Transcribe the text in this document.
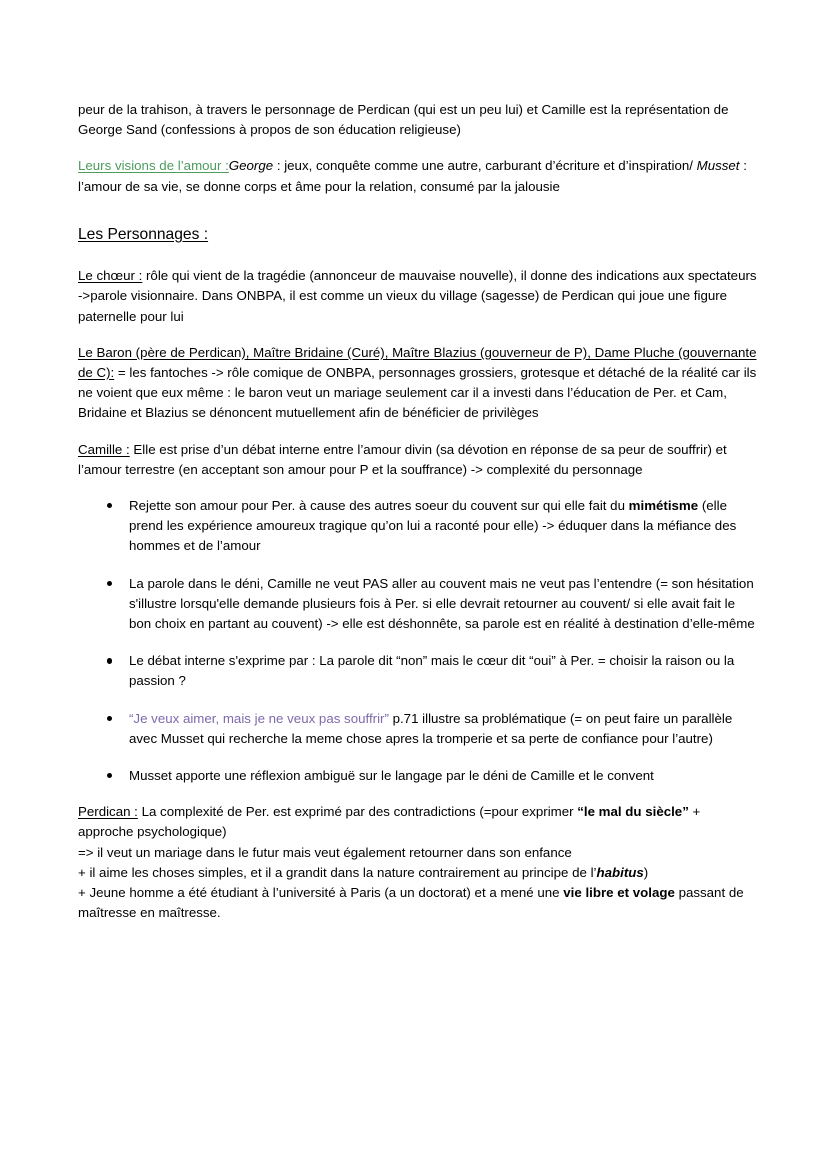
peur de la trahison, à travers le personnage de Perdican (qui est un peu lui) et Camille est la représentation de George Sand (confessions à propos de son éducation religieuse)

Leurs visions de l’amour :George : jeux, conquête comme une autre, carburant d’écriture et d’inspiration/ Musset : l’amour de sa vie, se donne corps et âme pour la relation, consumé par la jalousie

Les Personnages :

Le chœur : rôle qui vient de la tragédie (annonceur de mauvaise nouvelle), il donne des indications aux spectateurs ->parole visionnaire. Dans ONBPA, il est comme un vieux du village (sagesse) de Perdican qui joue une figure paternelle pour lui

Le Baron (père de Perdican), Maître Bridaine (Curé), Maître Blazius (gouverneur de P), Dame Pluche (gouvernante de C): = les fantoches -> rôle comique de ONBPA, personnages grossiers, grotesque et détaché de la réalité car ils ne voient que eux même : le baron veut un mariage seulement car il a investi dans l’éducation de Per. et Cam, Bridaine et Blazius se dénoncent mutuellement afin de bénéficier de privilèges

Camille : Elle est prise d’un débat interne entre l’amour divin (sa dévotion en réponse de sa peur de souffrir) et l’amour terrestre (en acceptant son amour pour P et la souffrance) -> complexité du personnage

Rejette son amour pour Per. à cause des autres soeur du couvent sur qui elle fait du mimétisme (elle prend les expérience amoureux tragique qu’on lui a raconté pour elle) -> éduquer dans la méfiance des hommes et de l’amour
La parole dans le déni, Camille ne veut PAS aller au couvent mais ne veut pas l’entendre (= son hésitation s'illustre lorsqu'elle demande plusieurs fois à Per. si elle devrait retourner au couvent/ si elle avait fait le bon choix en partant au couvent) -> elle est déshonnête, sa parole est en réalité à destination d’elle-même
Le débat interne s'exprime par : La parole dit “non” mais le cœur dit “oui” à Per. = choisir la raison ou la passion ?
“Je veux aimer, mais je ne veux pas souffrir” p.71 illustre sa problématique (= on peut faire un parallèle avec Musset qui recherche la meme chose apres la tromperie et sa perte de confiance pour l’autre)
Musset apporte une réflexion ambiguë sur le langage par le déni de Camille et le convent

Perdican : La complexité de Per. est exprimé par des contradictions (=pour exprimer “le mal du siècle” + approche psychologique)

=> il veut un mariage dans le futur mais veut également retourner dans son enfance

+ il aime les choses simples, et il a grandit dans la nature contrairement au principe de l’habitus)

+ Jeune homme a été étudiant à l’université à Paris (a un doctorat) et a mené une vie libre et volage passant de maîtresse en maîtresse.
